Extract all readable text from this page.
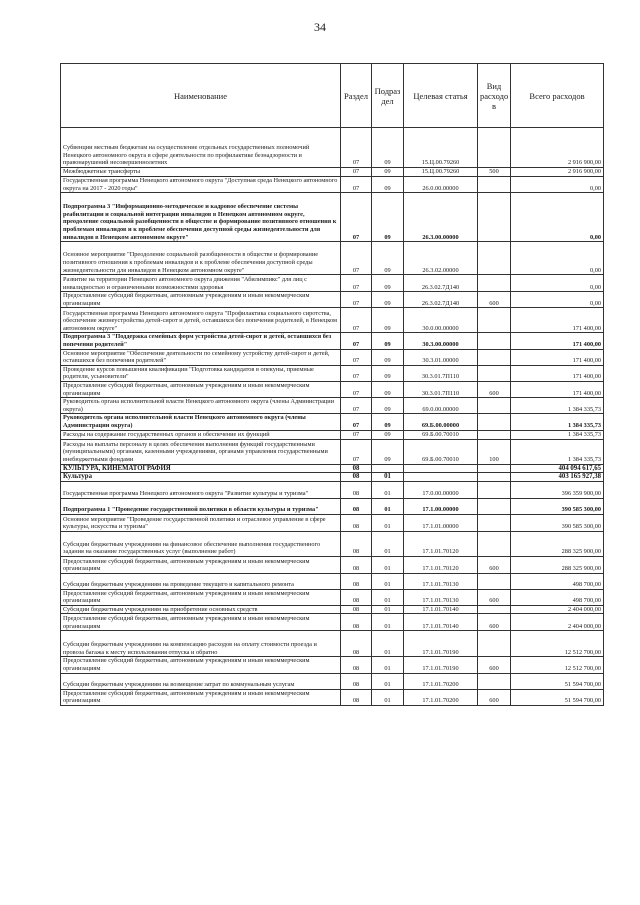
34
Наименование	Раздел	Подраз дел	Целевая статья	Вид расходо в	Всего расходов
Субвенции местным бюджетам на осуществление отдельных государственных полномочий Ненецкого автономного округа в сфере деятельности по профилактике безнадзорности и правонарушений несовершеннолетних	07	09	15.Ц.00.79260		2 916 900,00
Межбюджетные трансферты	07	09	15.Ц.00.79260	500	2 916 900,00
Государственная программа Ненецкого автономного округа "Доступная среда Ненецкого автономного округа на 2017 - 2020 годы"	07	09	26.0.00.00000		0,00
Подпрограмма 3 "Информационно-методическое и кадровое обеспечение системы реабилитации и социальной интеграции инвалидов в Ненецком автономном округе, преодоление социальной разобщенности в обществе и формирование позитивного отношения к проблемам инвалидов и к проблеме обеспечения доступной среды жизнедеятельности для инвалидов в Ненецком автономном округе"	07	09	26.3.00.00000		0,00
Основное мероприятие "Преодоление социальной разобщенности в обществе и формирование позитивного отношения к проблемам инвалидов и к проблеме обеспечения доступной среды жизнедеятельности для инвалидов в Ненецком автономном округе"	07	09	26.3.02.00000		0,00
Развитие на территории Ненецкого автономного округа движения "Абилимпикс" для лиц с инвалидностью и ограниченными возможностями здоровья	07	09	26.3.02.7Д140		0,00
Предоставление субсидий бюджетным, автономным учреждениям и иным некоммерческим организациям	07	09	26.3.02.7Д140	600	0,00
Государственная программа Ненецкого автономного округа "Профилактика социального сиротства, обеспечение жизнеустройства детей-сирот и детей, оставшихся без попечения родителей, в Ненецком автономном округе"	07	09	30.0.00.00000		171 400,00
Подпрограмма 3 "Поддержка семейных форм устройства детей-сирот и детей, оставшихся без попечения родителей"	07	09	30.3.00.00000		171 400,00
Основное мероприятие "Обеспечение деятельности по семейному устройству детей-сирот и детей, оставшихся без попечения родителей"	07	09	30.3.01.00000		171 400,00
Проведение курсов повышения квалификации "Подготовка кандидатов в опекуны, приемные родители, усыновители"	07	09	30.3.01.7П110		171 400,00
Предоставление субсидий бюджетным, автономным учреждениям и иным некоммерческим организациям	07	09	30.3.01.7П110	600	171 400,00
Руководитель органа исполнительной власти Ненецкого автономного округа (члены Администрации округа)	07	09	69.0.00.00000		1 384 335,73
Руководитель органа исполнительной власти Ненецкого автономного округа (члены Администрации округа)	07	09	69.Б.00.00000		1 384 335,73
Расходы на содержание государственных органов и обеспечение их функций	07	09	69.Б.00.70010		1 384 335,73
Расходы на выплаты персоналу в целях обеспечения выполнения функций государственными (муниципальными) органами, казенными учреждениями, органами управления государственными внебюджетными фондами	07	09	69.Б.00.70010	100	1 384 335,73
КУЛЬТУРА, КИНЕМАТОГРАФИЯ	08				404 094 617,65
Культура	08	01			403 165 927,38
Государственная программа Ненецкого автономного округа "Развитие культуры и туризма"	08	01	17.0.00.00000		396 359 900,00
Подпрограмма 1 "Проведение государственной политики в области культуры и туризма"	08	01	17.1.00.00000		390 585 300,00
Основное мероприятие "Проведение государственной политики и отраслевое управление в сфере культуры, искусства и туризма"	08	01	17.1.01.00000		390 585 300,00
Субсидии бюджетным учреждениям на финансовое обеспечение выполнения государственного задания на оказание государственных услуг (выполнение работ)	08	01	17.1.01.70120		288 325 900,00
Предоставление субсидий бюджетным, автономным учреждениям и иным некоммерческим организациям	08	01	17.1.01.70120	600	288 325 900,00
Субсидии бюджетным учреждениям на проведение текущего и капитального ремонта	08	01	17.1.01.70130		498 700,00
Предоставление субсидий бюджетным, автономным учреждениям и иным некоммерческим организациям	08	01	17.1.01.70130	600	498 700,00
Субсидии бюджетным учреждениям на приобретение основных средств	08	01	17.1.01.70140		2 404 000,00
Предоставление субсидий бюджетным, автономным учреждениям и иным некоммерческим организациям	08	01	17.1.01.70140	600	2 404 000,00
Субсидии бюджетным учреждениям на компенсацию расходов на оплату стоимости проезда и провоза багажа к месту использования отпуска и обратно	08	01	17.1.01.70190		12 512 700,00
Предоставление субсидий бюджетным, автономным учреждениям и иным некоммерческим организациям	08	01	17.1.01.70190	600	12 512 700,00
Субсидии бюджетным учреждениям на возмещение затрат по коммунальным услугам	08	01	17.1.01.70200		51 594 700,00
Предоставление субсидий бюджетным, автономным учреждениям и иным некоммерческим организациям	08	01	17.1.01.70200	600	51 594 700,00
